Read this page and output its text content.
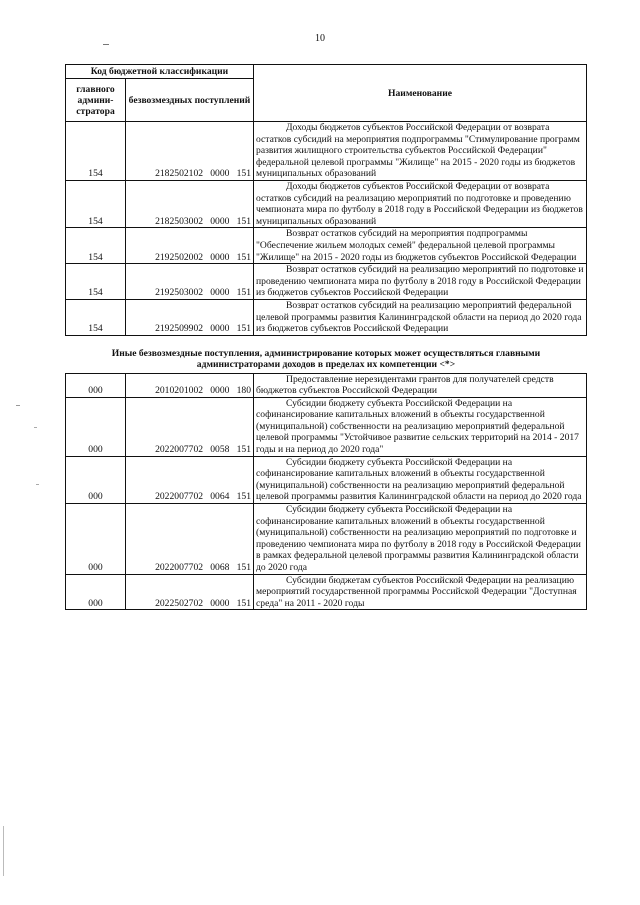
10
Код бюджетной классификации		Наименование
главного админи-стратора	безвозмездных поступлений	
154	2182502102   0000   151	Доходы бюджетов субъектов Российской Федерации от возврата остатков субсидий на мероприятия подпрограммы "Стимулирование программ развития жилищного строительства субъектов Российской Федерации" федеральной целевой программы "Жилище" на 2015 - 2020 годы из бюджетов муниципальных образований

154	2182503002   0000   151	Доходы бюджетов субъектов Российской Федерации от возврата остатков субсидий на реализацию мероприятий по подготовке и проведению чемпионата мира по футболу в 2018 году в Российской Федерации из бюджетов муниципальных образований

154	2192502002   0000   151	Возврат остатков субсидий на мероприятия подпрограммы "Обеспечение жильем молодых семей" федеральной целевой программы "Жилище" на 2015 - 2020 годы из бюджетов субъектов Российской Федерации

154	2192503002   0000   151	Возврат остатков субсидий на реализацию мероприятий по подготовке и проведению чемпионата мира по футболу в 2018 году в Российской Федерации из бюджетов субъектов Российской Федерации

154	2192509902   0000   151	Возврат остатков субсидий на реализацию мероприятий федеральной целевой программы развития Калининградской области на период до 2020 года из бюджетов субъектов Российской Федерации

Иные безвозмездные поступления, администрирование которых может осуществляться главными администраторами доходов в пределах их компетенции <*>		
000	2010201002   0000   180	Предоставление нерезидентами грантов для получателей средств бюджетов субъектов Российской Федерации

000	2022007702   0058   151	Субсидии бюджету субъекта Российской Федерации на софинансирование капитальных вложений в объекты государственной (муниципальной) собственности на реализацию мероприятий федеральной целевой программы "Устойчивое развитие сельских территорий на 2014 - 2017 годы и на период до 2020 года"

000	2022007702   0064   151	Субсидии бюджету субъекта Российской Федерации на софинансирование капитальных вложений в объекты государственной (муниципальной) собственности на реализацию мероприятий федеральной целевой программы развития Калининградской области на период до 2020 года

000	2022007702   0068   151	Субсидии бюджету субъекта Российской Федерации на софинансирование капитальных вложений в объекты государственной (муниципальной) собственности на реализацию мероприятий по подготовке и проведению чемпионата мира по футболу в 2018 году в Российской Федерации в рамках федеральной целевой программы развития Калининградской области до 2020 года

000	2022502702   0000   151	Субсидии бюджетам субъектов Российской Федерации на реализацию мероприятий государственной программы Российской Федерации "Доступная среда" на 2011 - 2020 годы
